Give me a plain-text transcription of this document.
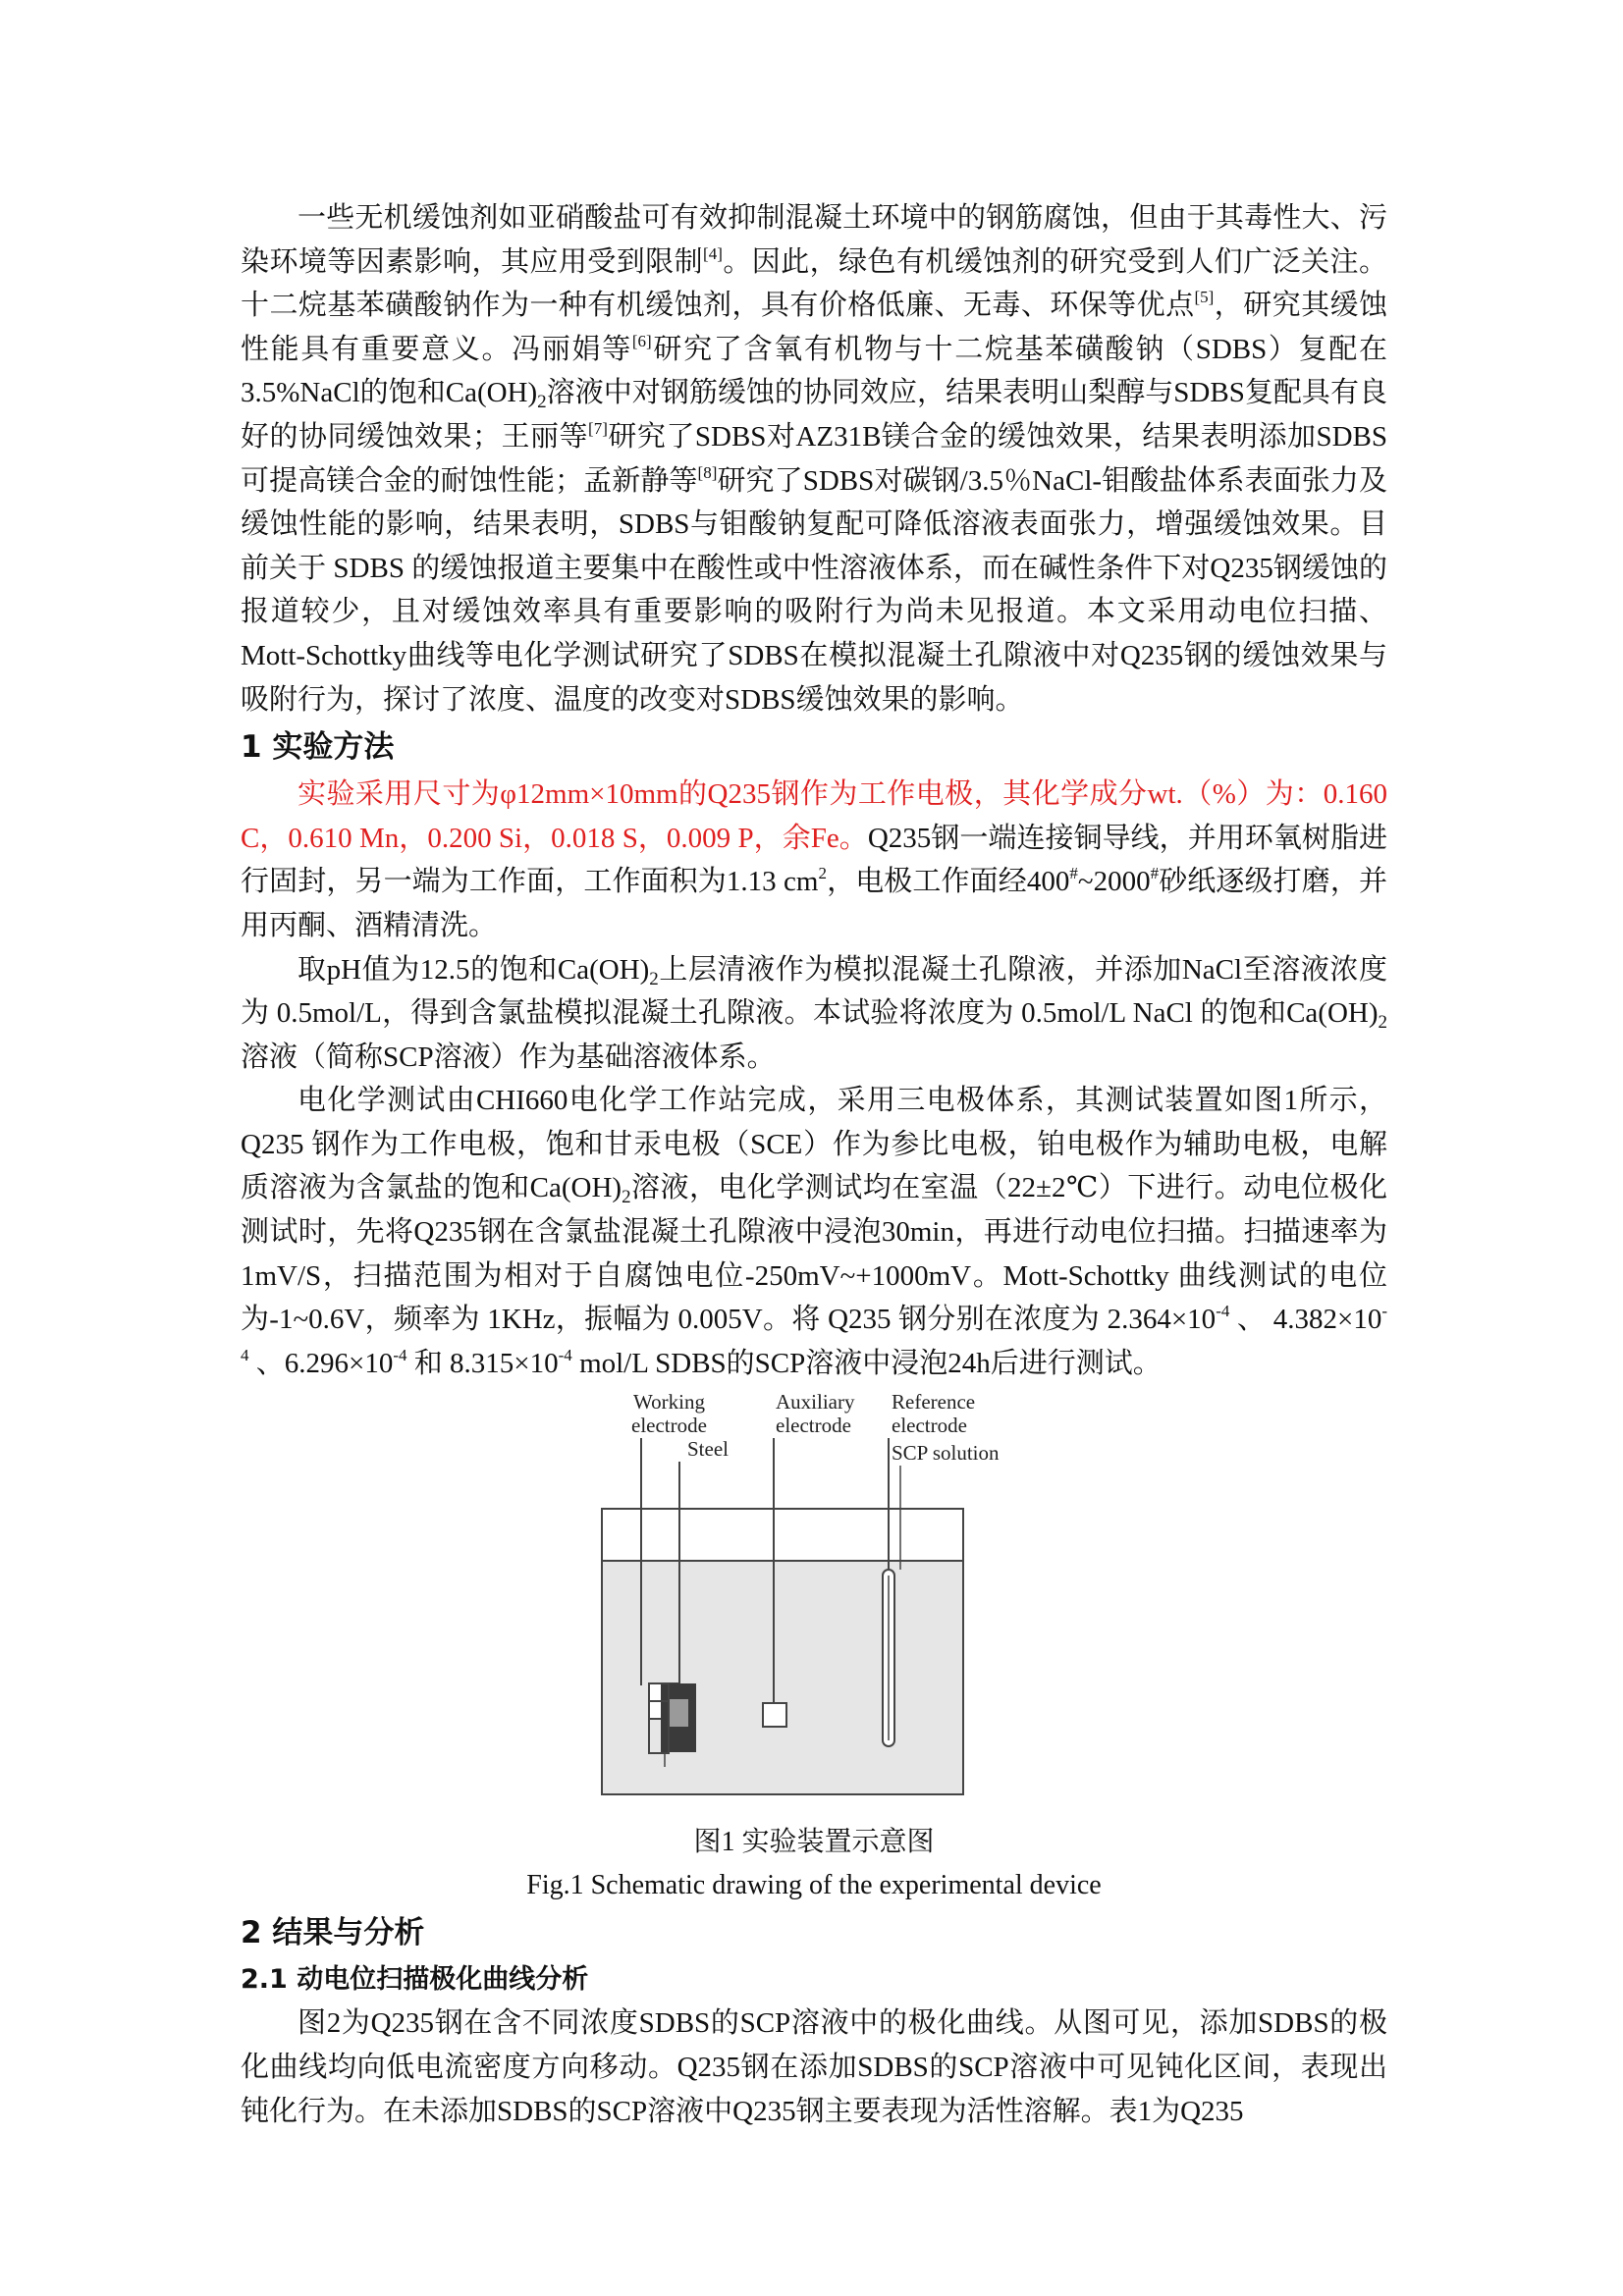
一些无机缓蚀剂如亚硝酸盐可有效抑制混凝土环境中的钢筋腐蚀，但由于其毒性大、污染环境等因素影响，其应用受到限制[4]。因此，绿色有机缓蚀剂的研究受到人们广泛关注。十二烷基苯磺酸钠作为一种有机缓蚀剂，具有价格低廉、无毒、环保等优点[5]，研究其缓蚀性能具有重要意义。冯丽娟等[6]研究了含氧有机物与十二烷基苯磺酸钠（SDBS）复配在3.5%NaCl的饱和$Ca(OH)_2$溶液中对钢筋缓蚀的协同效应，结果表明山梨醇与SDBS复配具有良好的协同缓蚀效果；王丽等[7]研究了SDBS对AZ31B镁合金的缓蚀效果，结果表明添加SDBS可提高镁合金的耐蚀性能；孟新静等[8]研究了SDBS对碳钢/3.5％NaCl-钼酸盐体系表面张力及缓蚀性能的影响，结果表明，SDBS与钼酸钠复配可降低溶液表面张力，增强缓蚀效果。目前关于 SDBS 的缓蚀报道主要集中在酸性或中性溶液体系，而在碱性条件下对Q235钢缓蚀的报道较少，且对缓蚀效率具有重要影响的吸附行为尚未见报道。本文采用动电位扫描、Mott-Schottky曲线等电化学测试研究了SDBS在模拟混凝土孔隙液中对Q235钢的缓蚀效果与吸附行为，探讨了浓度、温度的改变对SDBS缓蚀效果的影响。

1 实验方法

实验采用尺寸为φ12mm×10mm的Q235钢作为工作电极，其化学成分wt.（%）为：0.160 C，0.610 Mn，0.200 Si，0.018 S，0.009 P，余Fe。Q235钢一端连接铜导线，并用环氧树脂进行固封，另一端为工作面，工作面积为1.13 $cm^2$，电极工作面经400#~2000#砂纸逐级打磨，并用丙酮、酒精清洗。

取pH值为12.5的饱和$Ca(OH)_2$上层清液作为模拟混凝土孔隙液，并添加NaCl至溶液浓度为 0.5mol/L，得到含氯盐模拟混凝土孔隙液。本试验将浓度为 0.5mol/L NaCl 的饱和$Ca(OH)_2$溶液（简称SCP溶液）作为基础溶液体系。

电化学测试由CHI660电化学工作站完成，采用三电极体系，其测试装置如图1所示，Q235 钢作为工作电极，饱和甘汞电极（SCE）作为参比电极，铂电极作为辅助电极，电解质溶液为含氯盐的饱和$Ca(OH)_2$溶液，电化学测试均在室温（22±2℃）下进行。动电位极化测试时，先将Q235钢在含氯盐混凝土孔隙液中浸泡30min，再进行动电位扫描。扫描速率为 1mV/S，扫描范围为相对于自腐蚀电位-250mV~+1000mV。Mott-Schottky 曲线测试的电位为-1~0.6V，频率为 1KHz，振幅为 0.005V。将 Q235 钢分别在浓度为 $2.364\times 10^{-4}$ 、 $4.382\times 10^{-4}$ 、$6.296\times 10^{-4}$ 和 $8.315\times 10^{-4}$ mol/L SDBS的SCP溶液中浸泡24h后进行测试。

Working
electrode
Steel
Auxiliary
electrode
Reference
electrode
SCP solution

图1 实验装置示意图

Fig.1 Schematic drawing of the experimental device

2 结果与分析
2.1 动电位扫描极化曲线分析

图2为Q235钢在含不同浓度SDBS的SCP溶液中的极化曲线。从图可见，添加SDBS的极化曲线均向低电流密度方向移动。Q235钢在添加SDBS的SCP溶液中可见钝化区间，表现出钝化行为。在未添加SDBS的SCP溶液中Q235钢主要表现为活性溶解。表1为Q235
